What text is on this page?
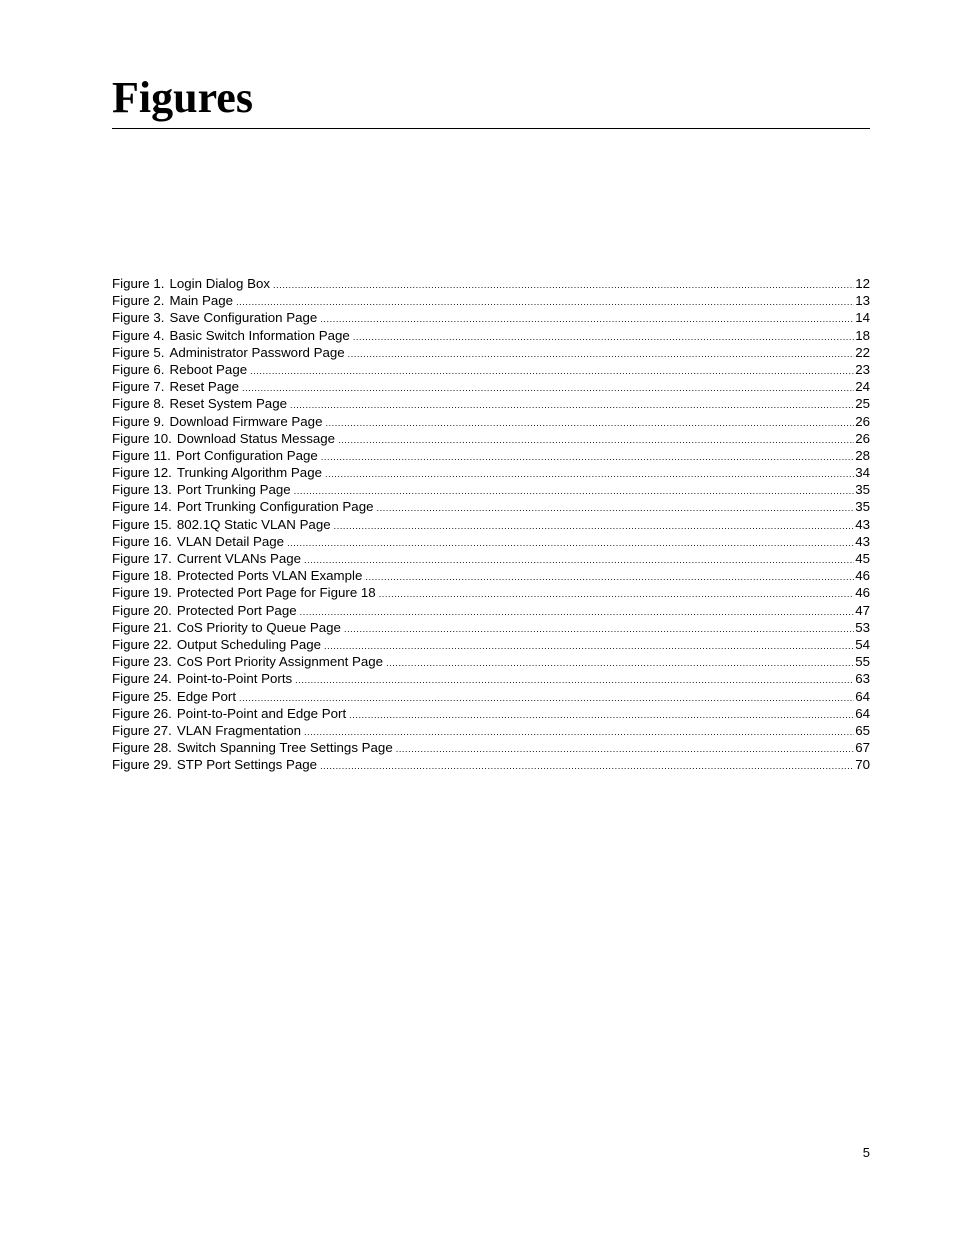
Figures
Figure 1. Login Dialog Box .....	12
Figure 2. Main Page .....	13
Figure 3. Save Configuration Page .....	14
Figure 4. Basic Switch Information Page .....	18
Figure 5. Administrator Password Page .....	22
Figure 6. Reboot Page .....	23
Figure 7. Reset Page .....	24
Figure 8. Reset System Page .....	25
Figure 9. Download Firmware Page .....	26
Figure 10. Download Status Message .....	26
Figure 11. Port Configuration Page .....	28
Figure 12. Trunking Algorithm Page .....	34
Figure 13. Port Trunking Page .....	35
Figure 14. Port Trunking Configuration Page .....	35
Figure 15. 802.1Q Static VLAN Page .....	43
Figure 16. VLAN Detail Page .....	43
Figure 17. Current VLANs Page .....	45
Figure 18. Protected Ports VLAN Example .....	46
Figure 19. Protected Port Page for Figure 18 .....	46
Figure 20. Protected Port Page .....	47
Figure 21. CoS Priority to Queue Page .....	53
Figure 22. Output Scheduling Page .....	54
Figure 23. CoS Port Priority Assignment Page .....	55
Figure 24. Point-to-Point Ports .....	63
Figure 25. Edge Port .....	64
Figure 26. Point-to-Point and Edge Port .....	64
Figure 27. VLAN Fragmentation .....	65
Figure 28. Switch Spanning Tree Settings Page .....	67
Figure 29. STP Port Settings Page .....	70
5
